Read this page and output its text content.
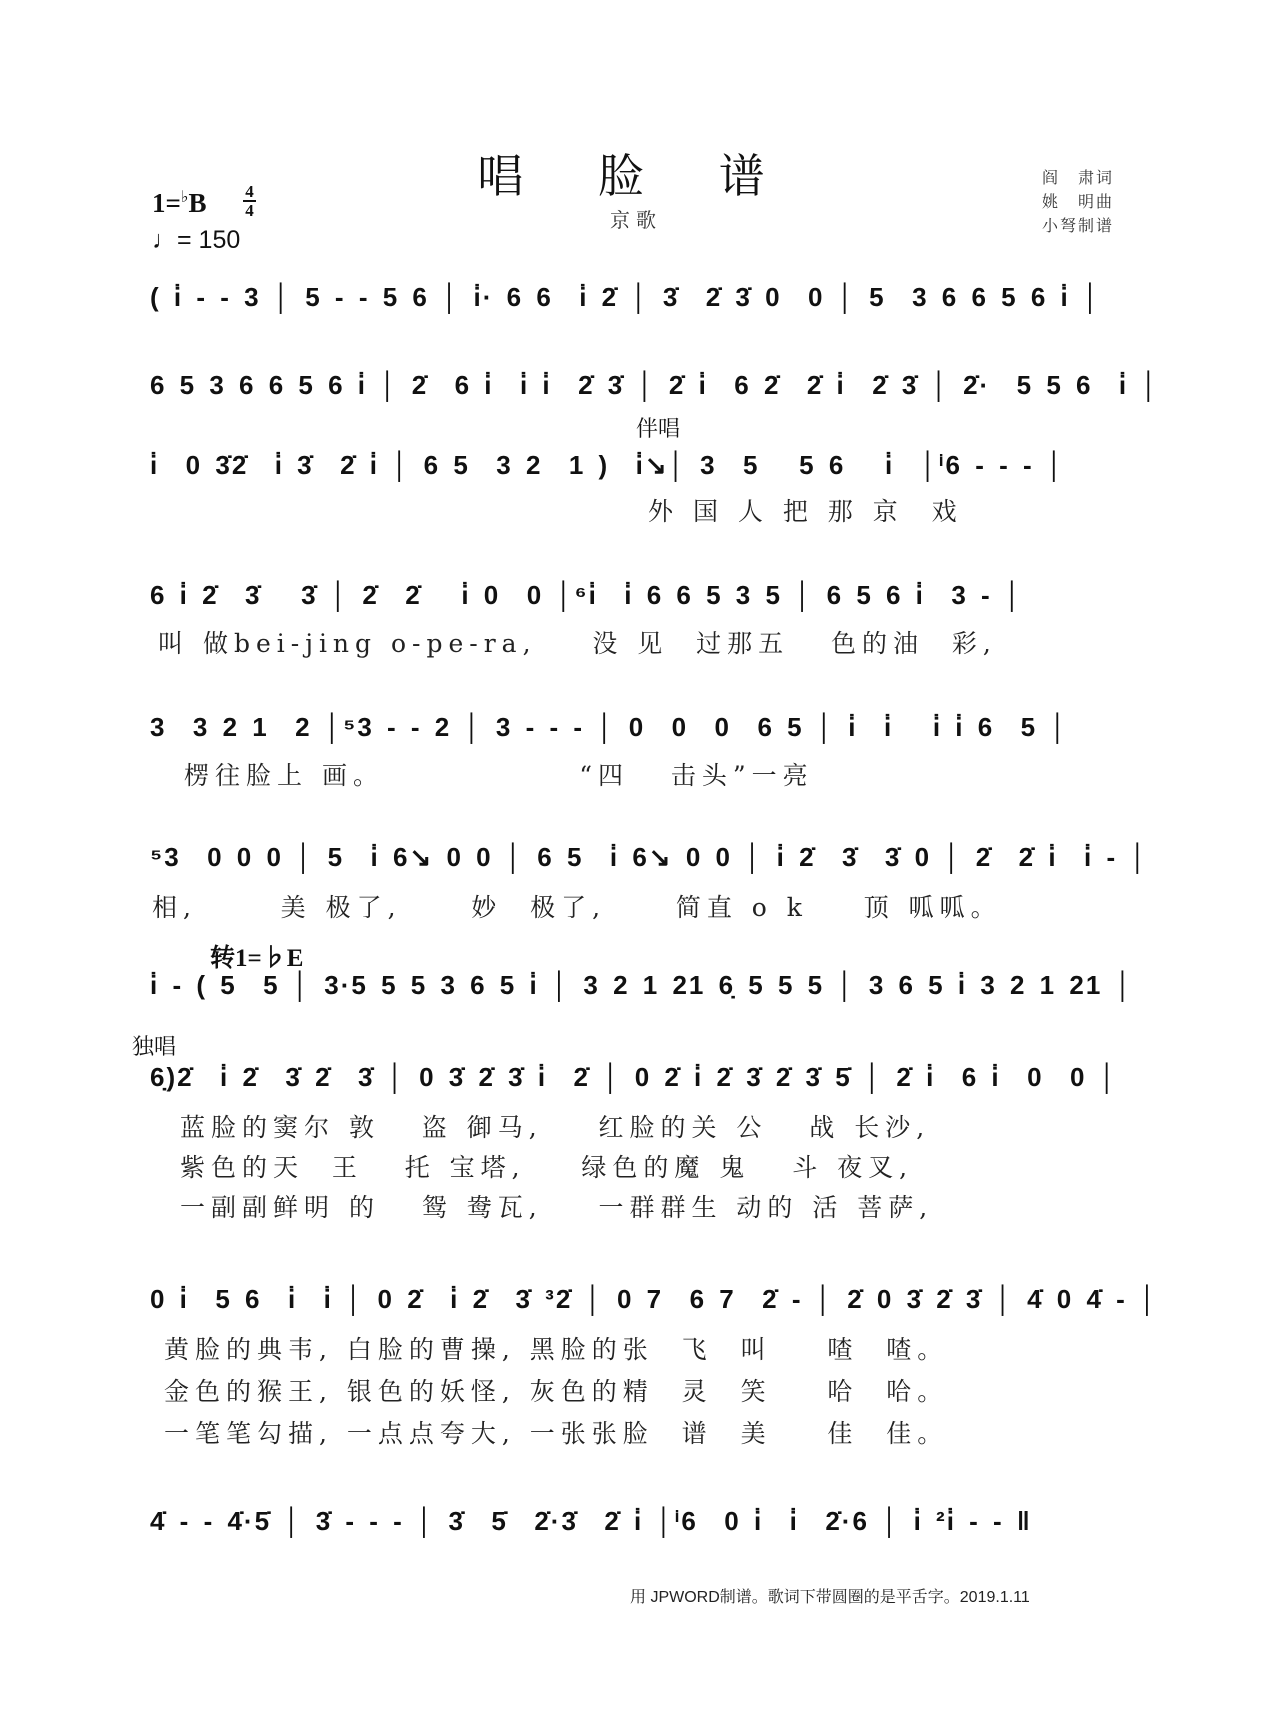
唱 脸 谱
京歌
1=♭B 4
4
♩= 150
阎　肃词
姚　明曲
小弩制谱
( i̇ - - 3 │ 5 - - 5 6 │ i̇· 6 6  i̇ 2̇ │ 3̇  2̇ 3̇ 0  0 │ 5  3 6 6 5 6 i̇ │
6 5 3 6 6 5 6 i̇ │ 2̇  6 i̇  i̇ i̇  2̇ 3̇ │ 2̇ i̇  6 2̇  2̇ i̇  2̇ 3̇ │ 2̇·  5 5 6  i̇ │
伴唱
i̇  0 3̇2̇  i̇ 3̇  2̇ i̇ │ 6 5  3 2  1 )  i̇↘│ 3  5   5 6   i̇  │ⁱ6 - - - │
外 国 人 把 那 京  戏
6 i̇ 2̇  3̇   3̇ │ 2̇  2̇   i̇ 0  0 │⁶i̇  i̇ 6 6 5 3 5 │ 6 5 6 i̇  3 - │
叫 做bei-jing o-pe-ra,    没 见  过那五   色的油  彩,
3  3 2 1  2 │⁵3 - - 2 │ 3 - - - │ 0  0  0  6 5 │ i̇  i̇   i̇ i̇ 6  5 │
楞往脸上 画。              “四   击头”一亮
⁵3  0 0 0 │ 5  i̇ 6↘ 0 0 │ 6 5  i̇ 6↘ 0 0 │ i̇ 2̇  3̇  3̇ 0 │ 2̇  2̇ i̇  i̇ - │
相,      美 极了,     妙  极了,     简直 o k    顶 呱呱。
转1=♭E
i̇ - ( 5  5 │ 3·5 5 5 3 6 5 i̇ │ 3 2 1 21 6̣ 5 5 5 │ 3 6 5 i̇ 3 2 1 21 │
独唱
6̣)2̇  i̇ 2̇  3̇ 2̇  3̇ │ 0 3̇ 2̇ 3̇ i̇  2̇ │ 0 2̇ i̇ 2̇ 3̇ 2̇ 3̇ 5̇ │ 2̇ i̇  6 i̇  0  0 │
蓝脸的窦尔 敦   盗 御马,    红脸的关 公   战 长沙,
紫色的天  王   托 宝塔,    绿色的魔 鬼   斗 夜叉,
一副副鲜明 的   鸳 鸯瓦,    一群群生 动的 活 菩萨,
0 i̇  5 6  i̇  i̇ │ 0 2̇  i̇ 2̇  3̇ ³2̇ │ 0 7  6 7  2̇ - │ 2̇ 0 3̇ 2̇ 3̇ │ 4̇ 0 4̇ - │
黄脸的典韦, 白脸的曹操, 黑脸的张  飞  叫    喳  喳。
金色的猴王, 银色的妖怪, 灰色的精  灵  笑    哈  哈。
一笔笔勾描, 一点点夸大, 一张张脸  谱  美    佳  佳。
4̇ - - 4̇·5̇ │ 3̇ - - - │ 3̇  5̇  2̇·3̇  2̇ i̇ │ⁱ6  0 i̇  i̇  2̇·6 │ i̇ ²i̇ - - ‖
用 JPWORD制谱。歌词下带圆圈的是平舌字。2019.1.11
